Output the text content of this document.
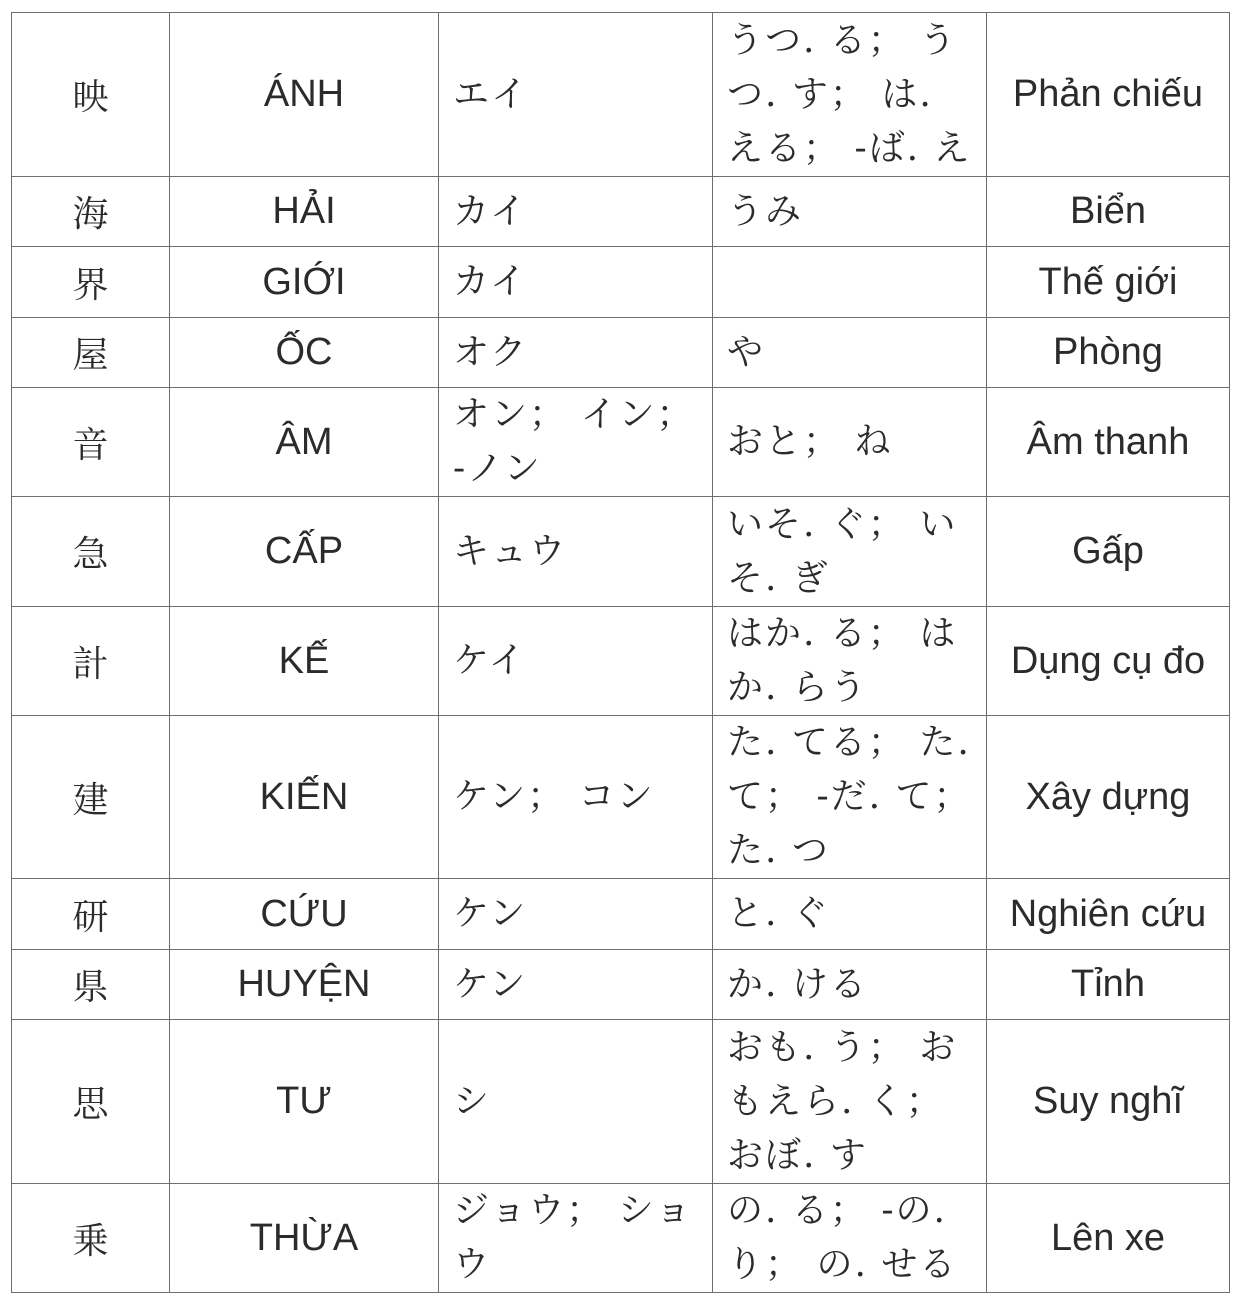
映	ÁNH	エイ	うつ. る； うつ. す； は. える； -ば. え	Phản chiếu
海	HẢI	カイ	うみ	Biển
界	GIỚI	カイ		Thế giới
屋	ỐC	オク	や	Phòng
音	ÂM	オン； イン； -ノン	おと； ね	Âm thanh
急	CẤP	キュウ	いそ. ぐ； いそ. ぎ	Gấp
計	KẾ	ケイ	はか. る； はか. らう	Dụng cụ đo
建	KIẾN	ケン； コン	た. てる； た. て； -だ. て； た. つ	Xây dựng
研	CỨU	ケン	と. ぐ	Nghiên cứu
県	HUYỆN	ケン	か. ける	Tỉnh
思	TƯ	シ	おも. う； おもえら. く； おぼ. す	Suy nghĩ
乗	THỪA	ジョウ； ショウ	の. る； -の. り； の. せる	Lên xe
